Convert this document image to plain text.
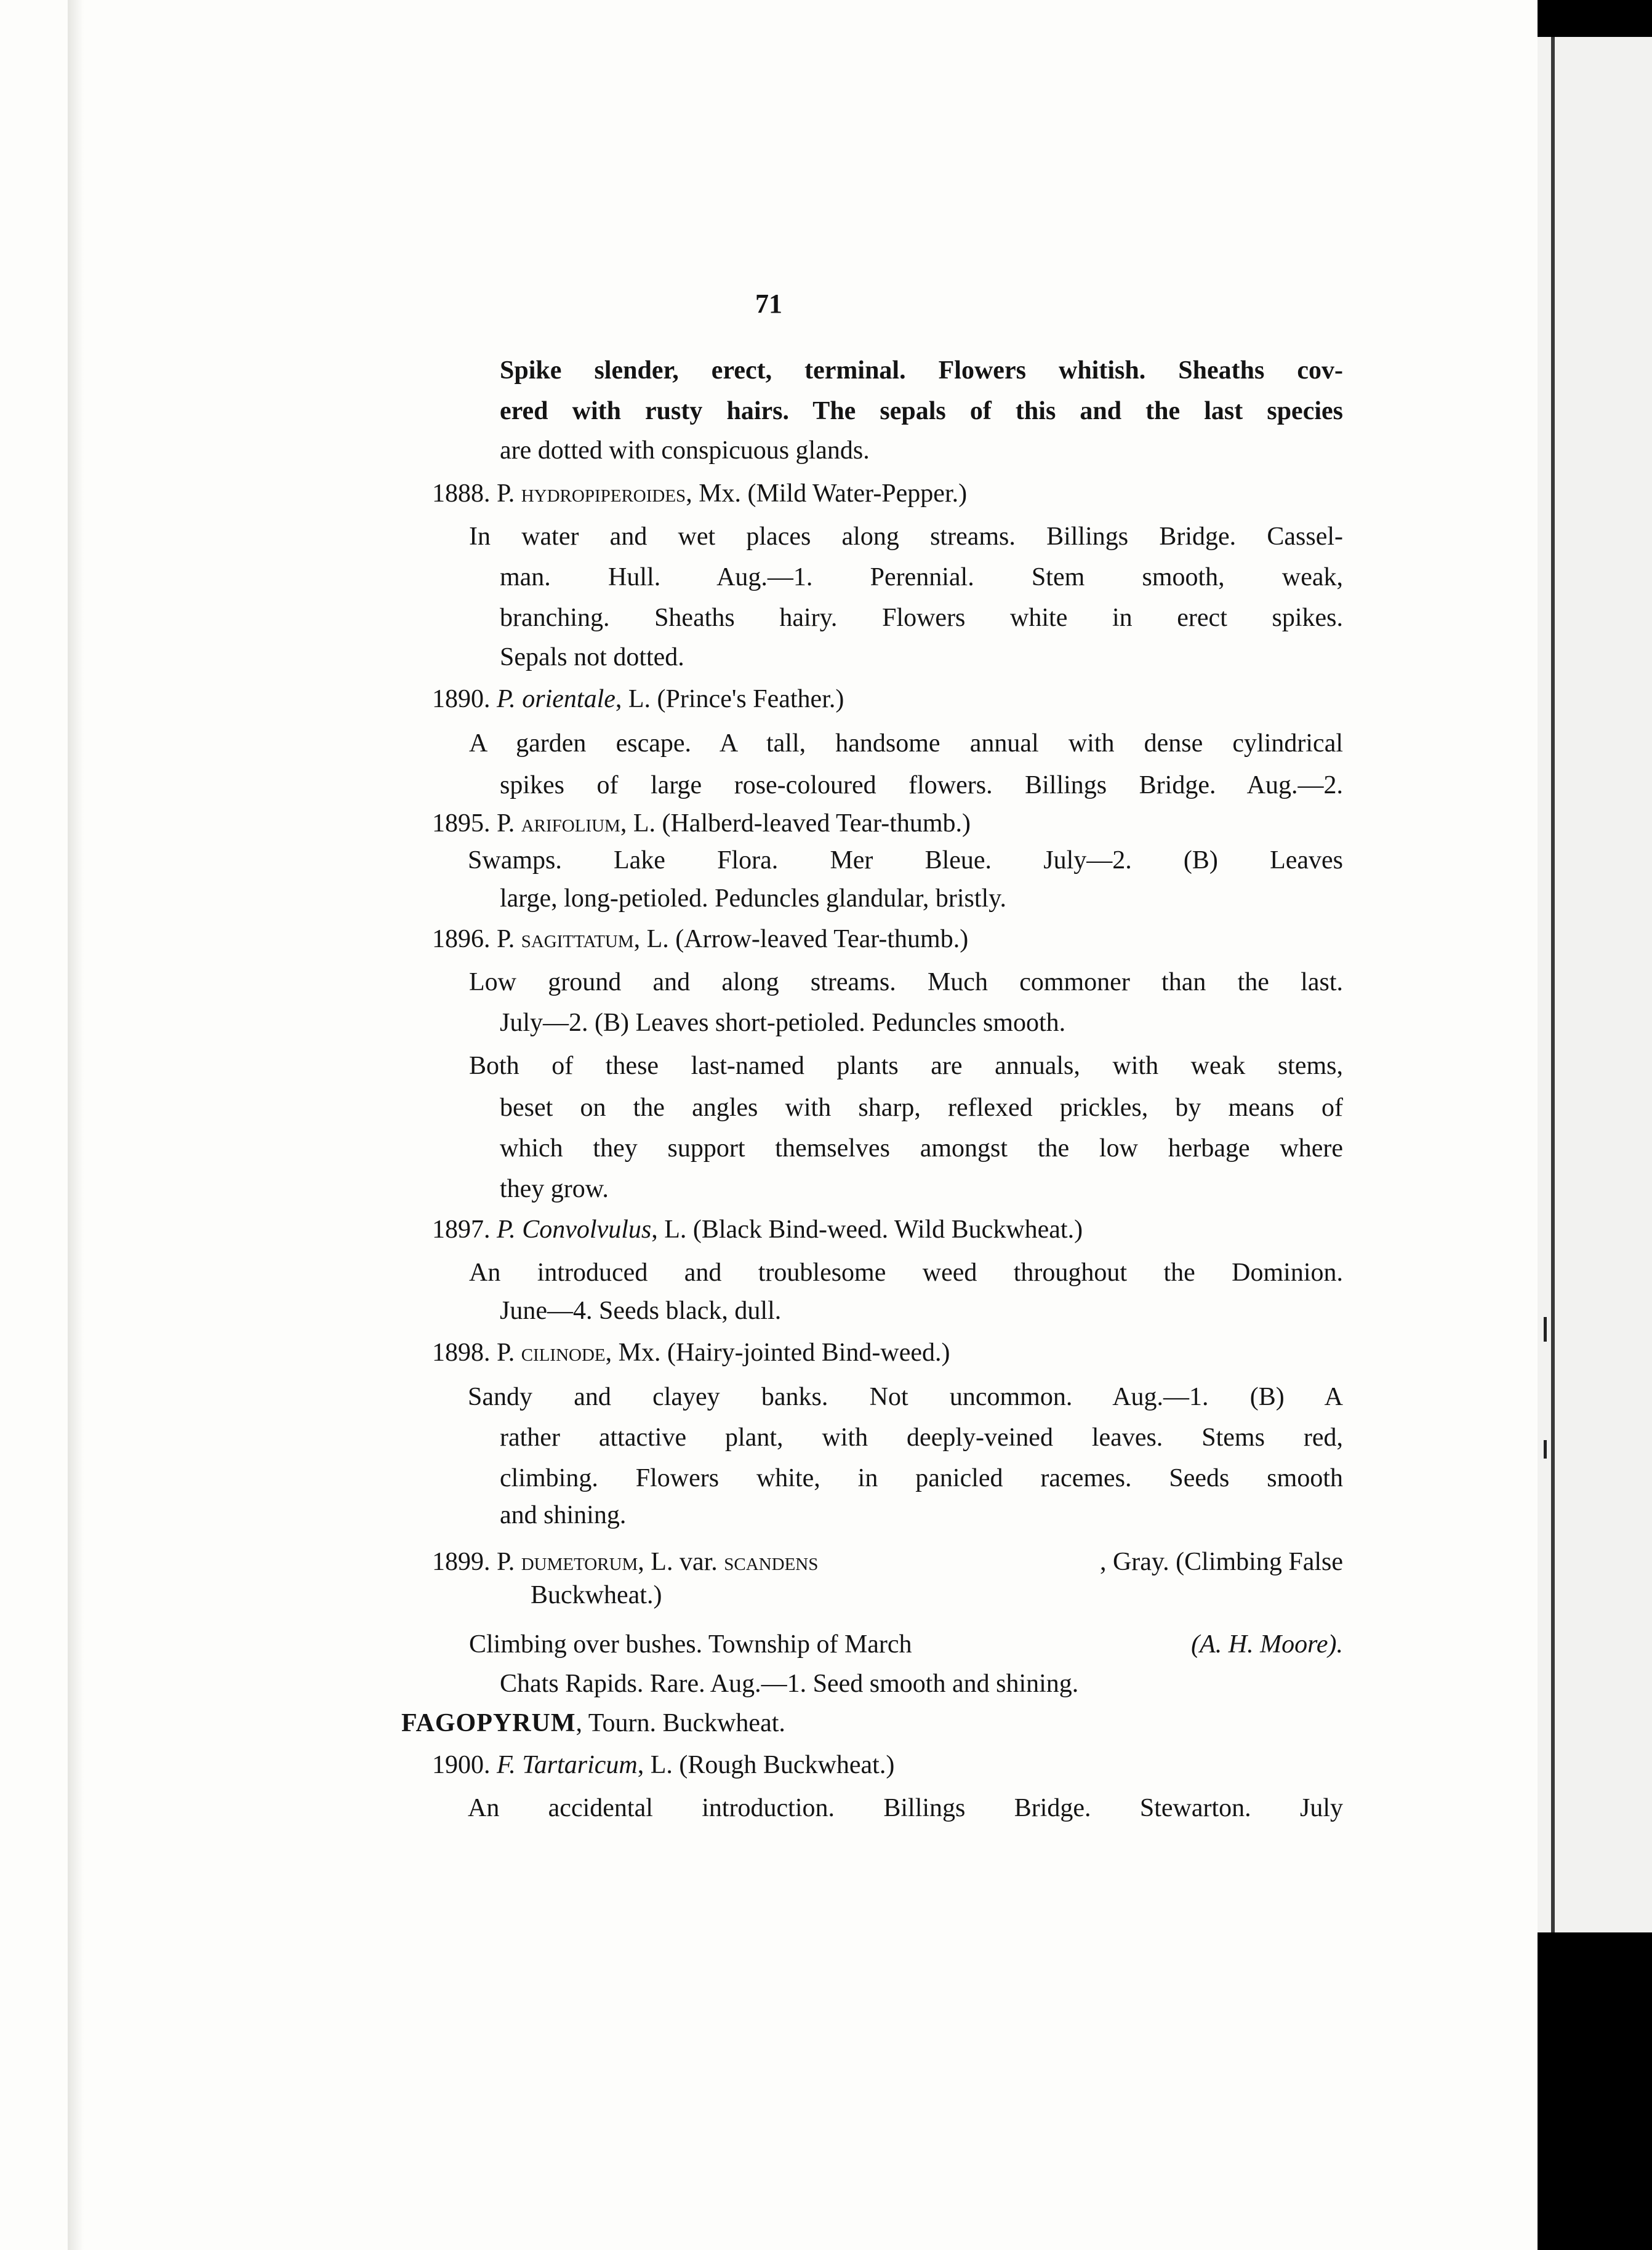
71
Spike slender, erect, terminal. Flowers whitish. Sheaths cov-
ered with rusty hairs. The sepals of this and the last species
are dotted with conspicuous glands.
1888. P. hydropiperoides, Mx. (Mild Water-Pepper.)
In water and wet places along streams. Billings Bridge. Cassel-
man. Hull. Aug.—1. Perennial. Stem smooth, weak,
branching. Sheaths hairy. Flowers white in erect spikes.
Sepals not dotted.
1890. P. orientale, L. (Prince's Feather.)
A garden escape. A tall, handsome annual with dense cylindrical
spikes of large rose-coloured flowers. Billings Bridge. Aug.—2.
1895. P. arifolium, L. (Halberd-leaved Tear-thumb.)
Swamps. Lake Flora. Mer Bleue. July—2. (B) Leaves
large, long-petioled. Peduncles glandular, bristly.
1896. P. sagittatum, L. (Arrow-leaved Tear-thumb.)
Low ground and along streams. Much commoner than the last.
July—2. (B) Leaves short-petioled. Peduncles smooth.
Both of these last-named plants are annuals, with weak stems,
beset on the angles with sharp, reflexed prickles, by means of
which they support themselves amongst the low herbage where
they grow.
1897. P. Convolvulus, L. (Black Bind-weed. Wild Buckwheat.)
An introduced and troublesome weed throughout the Dominion.
June—4. Seeds black, dull.
1898. P. cilinode, Mx. (Hairy-jointed Bind-weed.)
Sandy and clayey banks. Not uncommon. Aug.—1. (B) A
rather attactive plant, with deeply-veined leaves. Stems red,
climbing. Flowers white, in panicled racemes. Seeds smooth
and shining.
1899. P. dumetorum, L. var. scandens	, Gray. (Climbing False
Buckwheat.)
Climbing over bushes. Township of March	(A. H. Moore).
Chats Rapids. Rare. Aug.—1. Seed smooth and shining.
FAGOPYRUM, Tourn. Buckwheat.
1900. F. Tartaricum, L. (Rough Buckwheat.)
An accidental introduction. Billings Bridge. Stewarton. July
